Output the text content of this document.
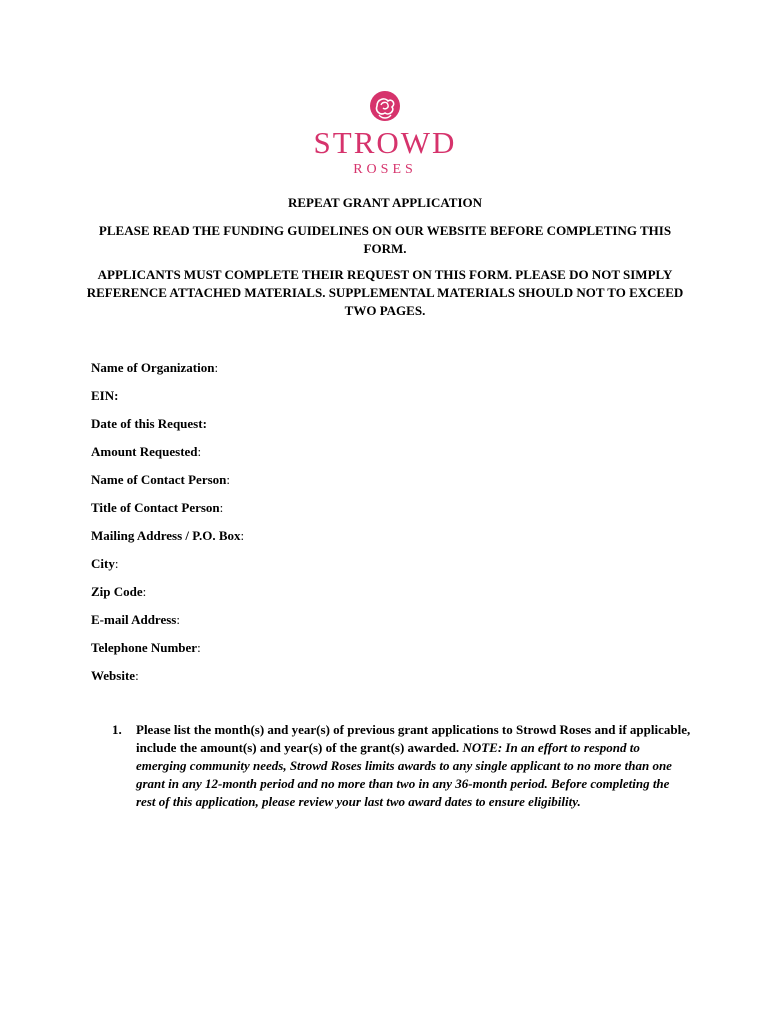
STROWD
ROSES
REPEAT GRANT APPLICATION
PLEASE READ THE FUNDING GUIDELINES ON OUR WEBSITE BEFORE COMPLETING THIS FORM.
APPLICANTS MUST COMPLETE THEIR REQUEST ON THIS FORM. PLEASE DO NOT SIMPLY REFERENCE ATTACHED MATERIALS. SUPPLEMENTAL MATERIALS SHOULD NOT TO EXCEED TWO PAGES.
Name of Organization:
EIN:
Date of this Request:
Amount Requested:
Name of Contact Person:
Title of Contact Person:
Mailing Address / P.O. Box:
City:
Zip Code:
E-mail Address:
Telephone Number:
Website:
1. Please list the month(s) and year(s) of previous grant applications to Strowd Roses and if applicable, include the amount(s) and year(s) of the grant(s) awarded. NOTE: In an effort to respond to emerging community needs, Strowd Roses limits awards to any single applicant to no more than one grant in any 12-month period and no more than two in any 36-month period. Before completing the rest of this application, please review your last two award dates to ensure eligibility.
